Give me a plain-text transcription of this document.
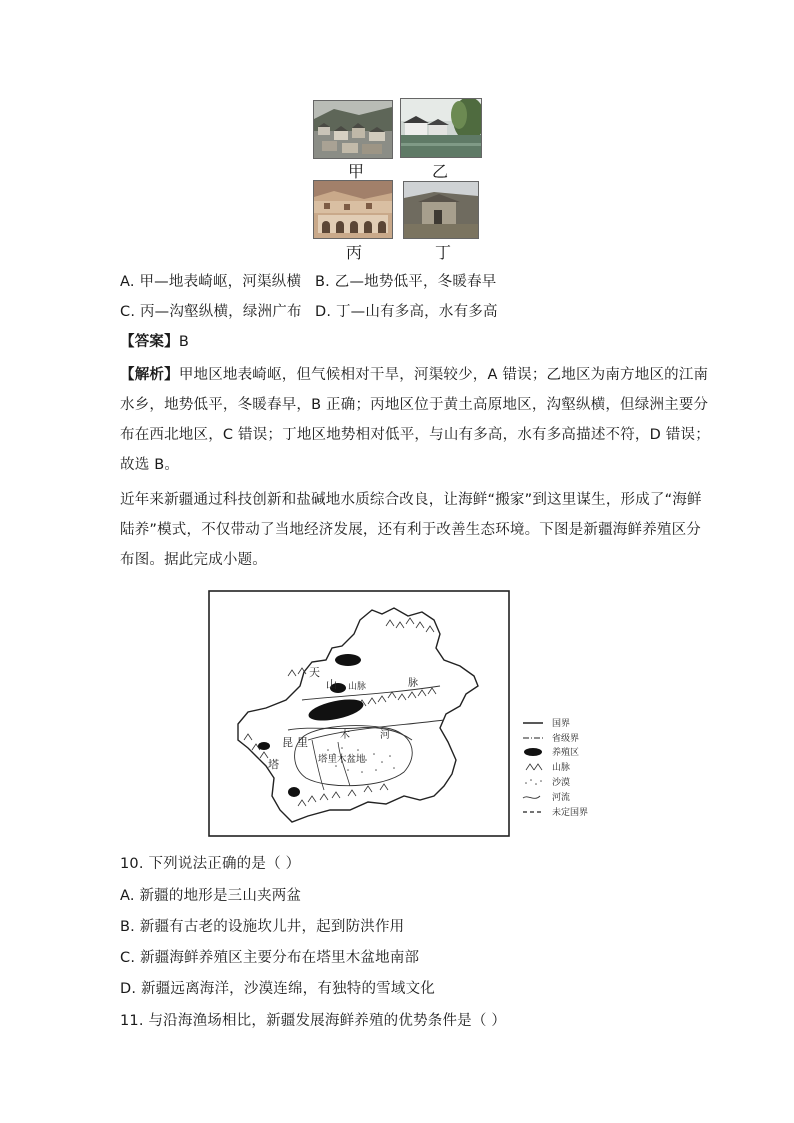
甲	乙
丙	丁
A. 甲—地表崎岖，河渠纵横 B. 乙—地势低平，冬暖春早
C. 丙—沟壑纵横，绿洲广布 D. 丁—山有多高，水有多高
【答案】B
【解析】甲地区地表崎岖，但气候相对干旱，河渠较少，A 错误；乙地区为南方地区的江南
水乡，地势低平，冬暖春早，B 正确；丙地区位于黄土高原地区，沟壑纵横，但绿洲主要分
布在西北地区，C 错误；丁地区地势相对低平，与山有多高，水有多高描述不符，D 错误；
故选 B。
近年来新疆通过科技创新和盐碱地水质综合改良，让海鲜“搬家”到这里谋生，形成了“海鲜
陆养”模式，不仅带动了当地经济发展，还有利于改善生态环境。下图是新疆海鲜养殖区分
布图。据此完成小题。
天
山 山脉	脉
昆 里
塔
木	河
塔里木盆地
国界
省级界
养殖区
山脉
沙漠
河流
未定国界
10. 下列说法正确的是（ ）
A. 新疆的地形是三山夹两盆
B. 新疆有古老的设施坎儿井，起到防洪作用
C. 新疆海鲜养殖区主要分布在塔里木盆地南部
D. 新疆远离海洋，沙漠连绵，有独特的雪域文化
11. 与沿海渔场相比，新疆发展海鲜养殖的优势条件是（ ）
